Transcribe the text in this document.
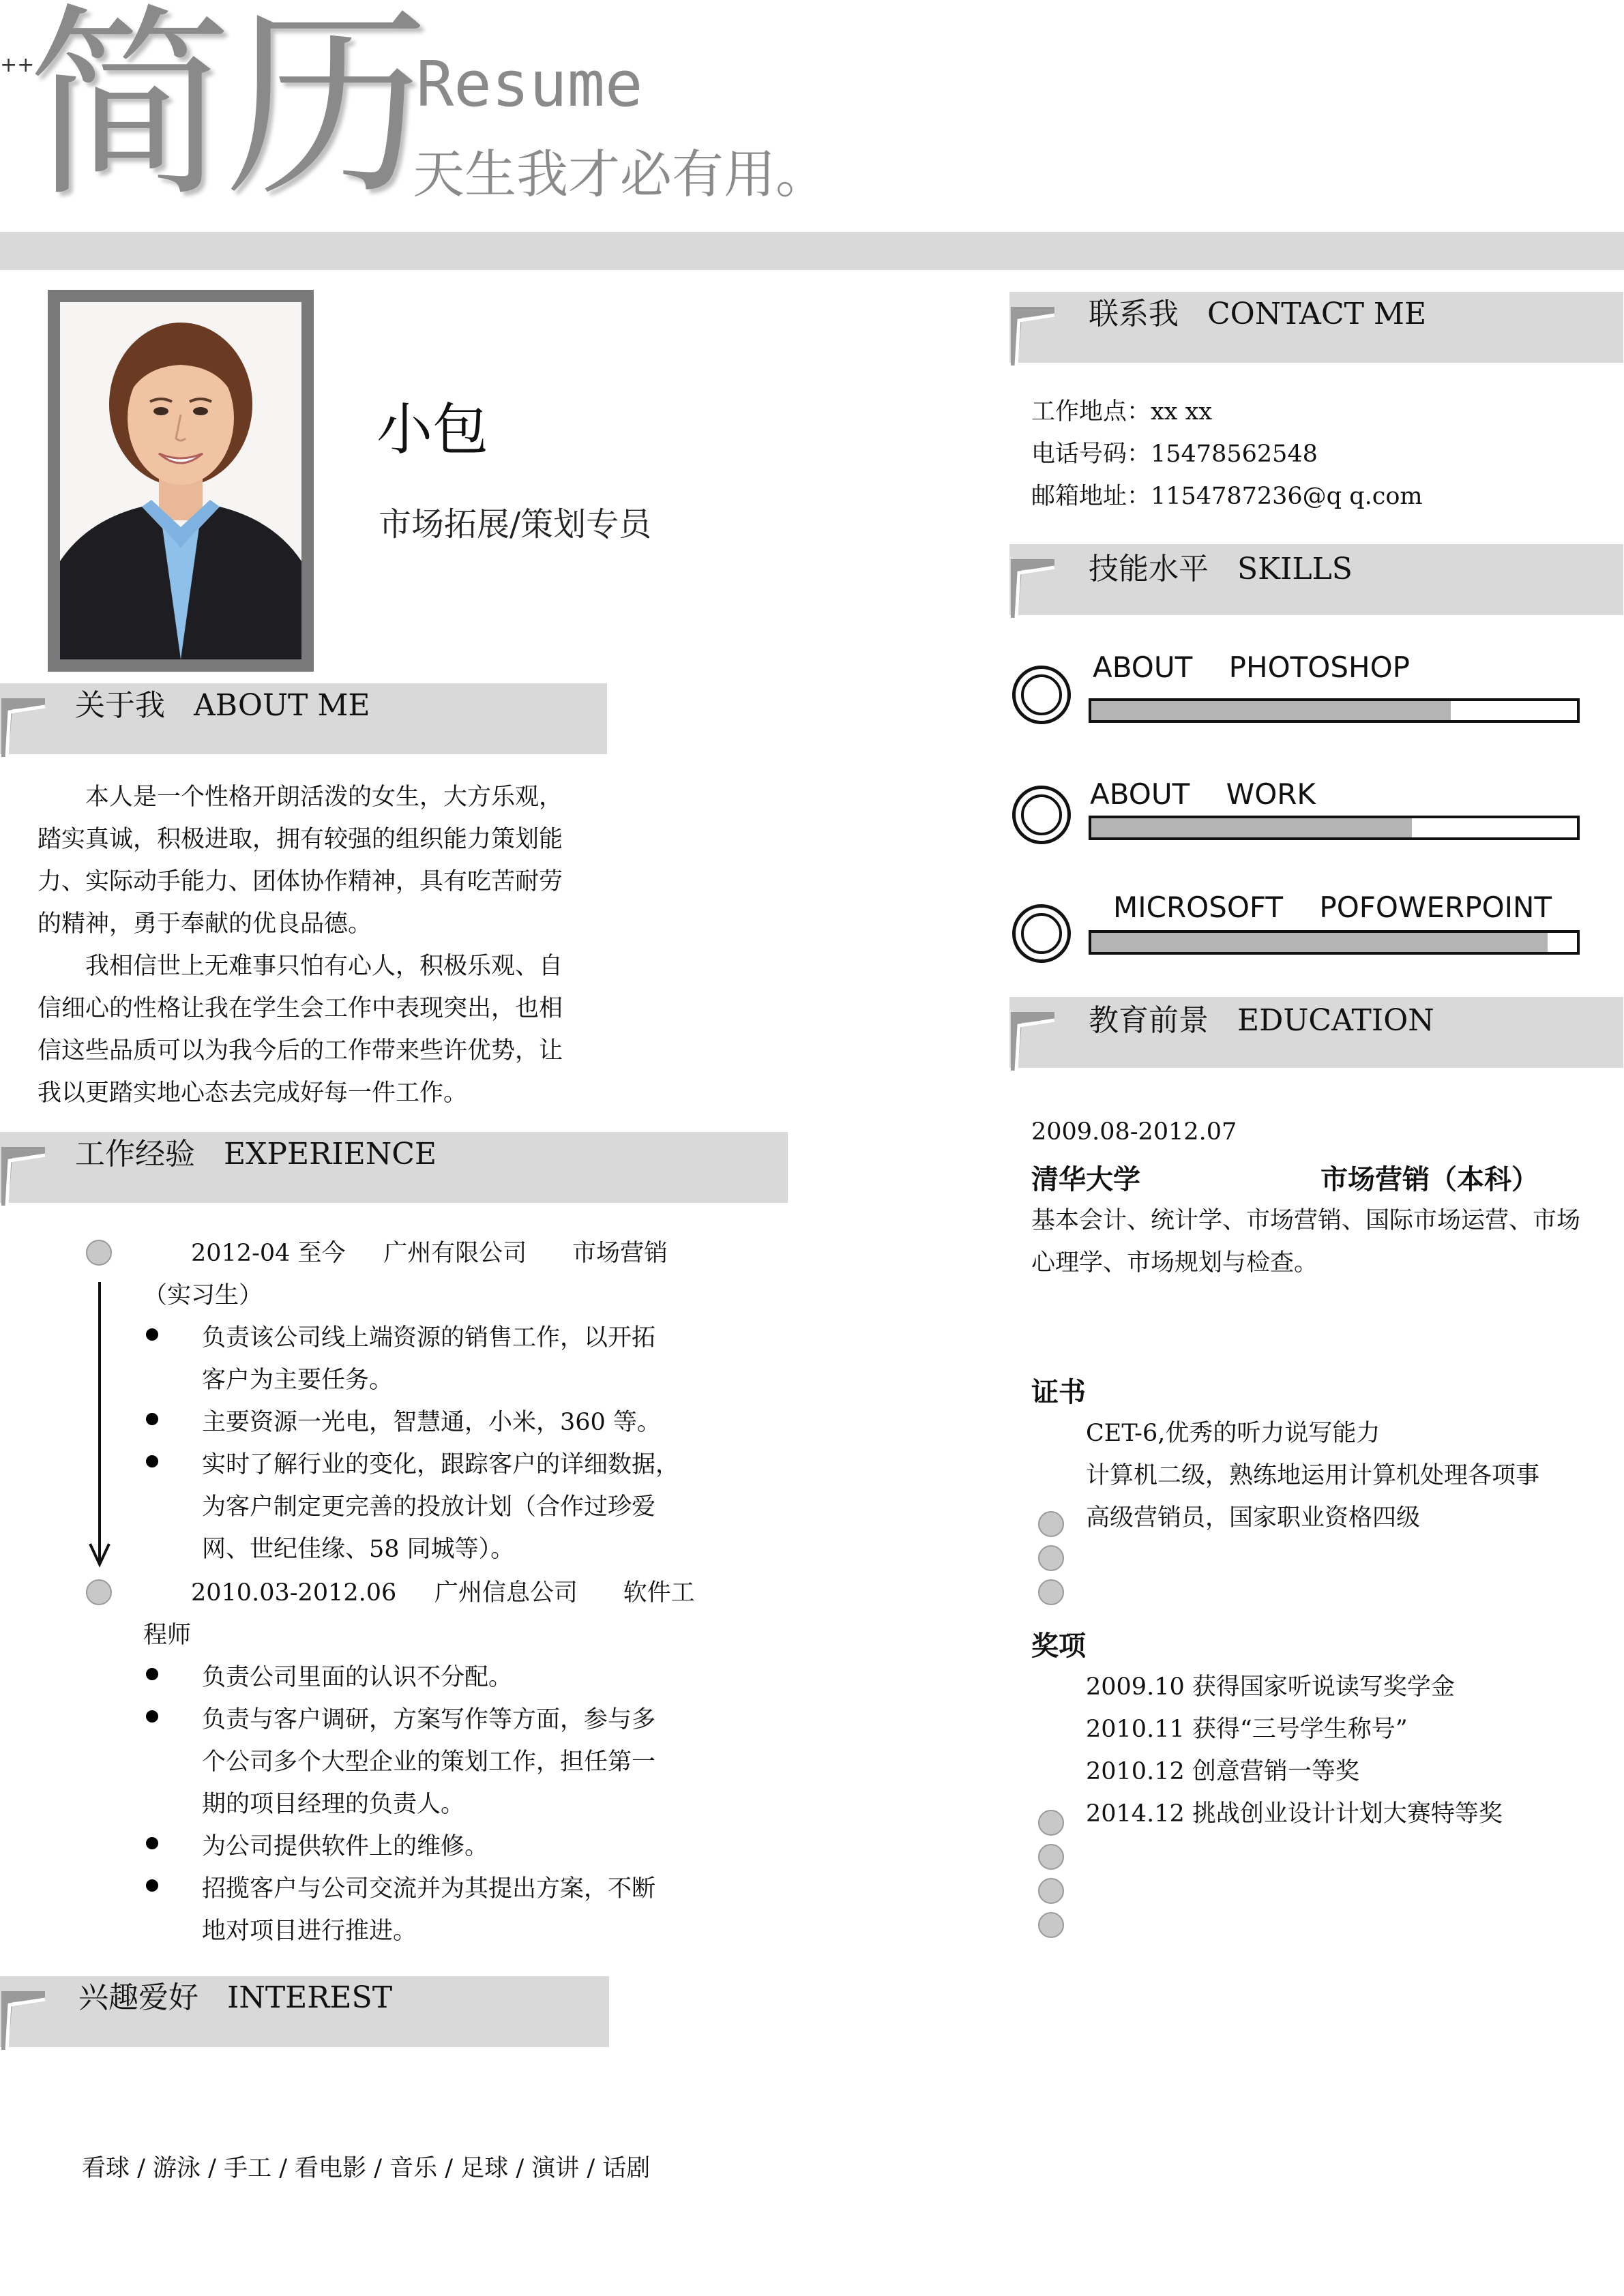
++
简历
Resume
天生我才必有用。
小包
市场拓展/策划专员
关于我   ABOUT ME

本人是一个性格开朗活泼的女生，大方乐观，踏实真诚，积极进取，拥有较强的组织能力策划能力、实际动手能力、团体协作精神，具有吃苦耐劳的精神，勇于奉献的优良品德。

我相信世上无难事只怕有心人，积极乐观、自信细心的性格让我在学生会工作中表现突出，也相信这些品质可以为我今后的工作带来些许优势，让我以更踏实地心态去完成好每一件工作。

工作经验   EXPERIENCE
2012-04 至今     广州有限公司      市场营销
（实习生）
负责该公司线上端资源的销售工作，以开拓
客户为主要任务。
主要资源一光电，智慧通，小米，360 等。
实时了解行业的变化，跟踪客户的详细数据，
为客户制定更完善的投放计划（合作过珍爱
网、世纪佳缘、58 同城等）。
2010.03-2012.06     广州信息公司      软件工
程师
负责公司里面的认识不分配。
负责与客户调研，方案写作等方面，参与多
个公司多个大型企业的策划工作，担任第一
期的项目经理的负责人。
为公司提供软件上的维修。
招揽客户与公司交流并为其提出方案，不断
地对项目进行推进。
兴趣爱好   INTEREST
看球 / 游泳 / 手工 / 看电影 / 音乐 / 足球 / 演讲 / 话剧
联系我   CONTACT ME
工作地点：xx xx
电话号码：15478562548
邮箱地址：1154787236@q q.com
技能水平   SKILLS
ABOUT    PHOTOSHOP
ABOUT    WORK
MICROSOFT    POFOWERPOINT
教育前景   EDUCATION
2009.08-2012.07
清华大学	市场营销（本科）
基本会计、统计学、市场营销、国际市场运营、市场
心理学、市场规划与检查。
证书
CET-6,优秀的听力说写能力
计算机二级，熟练地运用计算机处理各项事
高级营销员，国家职业资格四级
奖项
2009.10 获得国家听说读写奖学金
2010.11 获得“三号学生称号”
2010.12 创意营销一等奖
2014.12 挑战创业设计计划大赛特等奖
